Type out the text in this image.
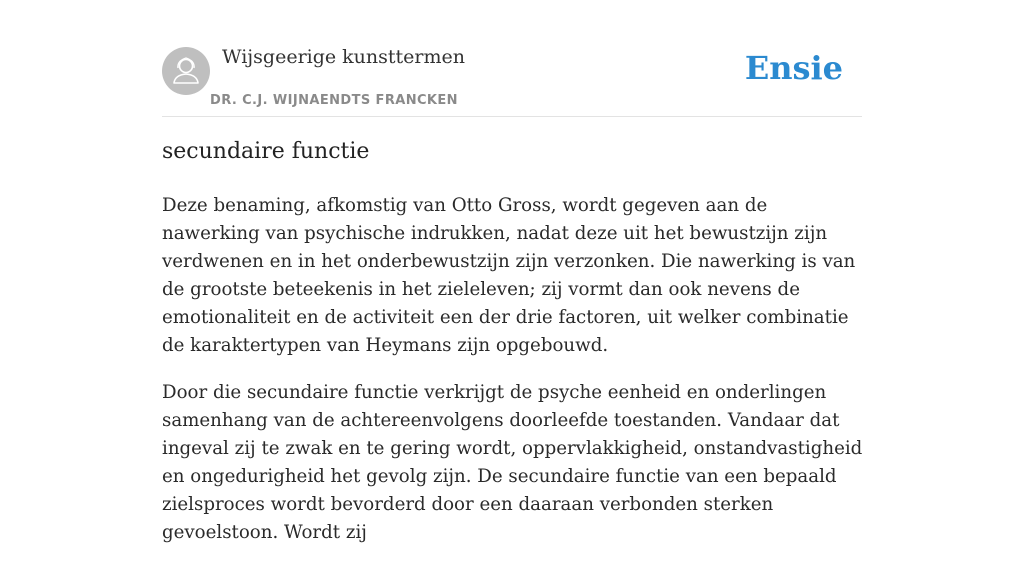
Wijsgeerige kunsttermen
DR. C.J. WIJNAENDTS FRANCKEN
Ensie
secundaire functie

Deze benaming, afkomstig van Otto Gross, wordt gegeven aan de nawerking van psychische indrukken, nadat deze uit het bewustzijn zijn verdwenen en in het onderbewustzijn zijn verzonken. Die nawerking is van de grootste beteekenis in het zieleleven; zij vormt dan ook nevens de emotionaliteit en de activiteit een der drie factoren, uit welker combinatie de karaktertypen van Heymans zijn opgebouwd.

Door die secundaire functie verkrijgt de psyche eenheid en onderlingen samenhang van de achtereenvolgens doorleefde toestanden. Vandaar dat ingeval zij te zwak en te gering wordt, oppervlakkigheid, onstandvastigheid en ongedurigheid het gevolg zijn. De secundaire functie van een bepaald zielsproces wordt bevorderd door een daaraan verbonden sterken gevoelstoon. Wordt zij
